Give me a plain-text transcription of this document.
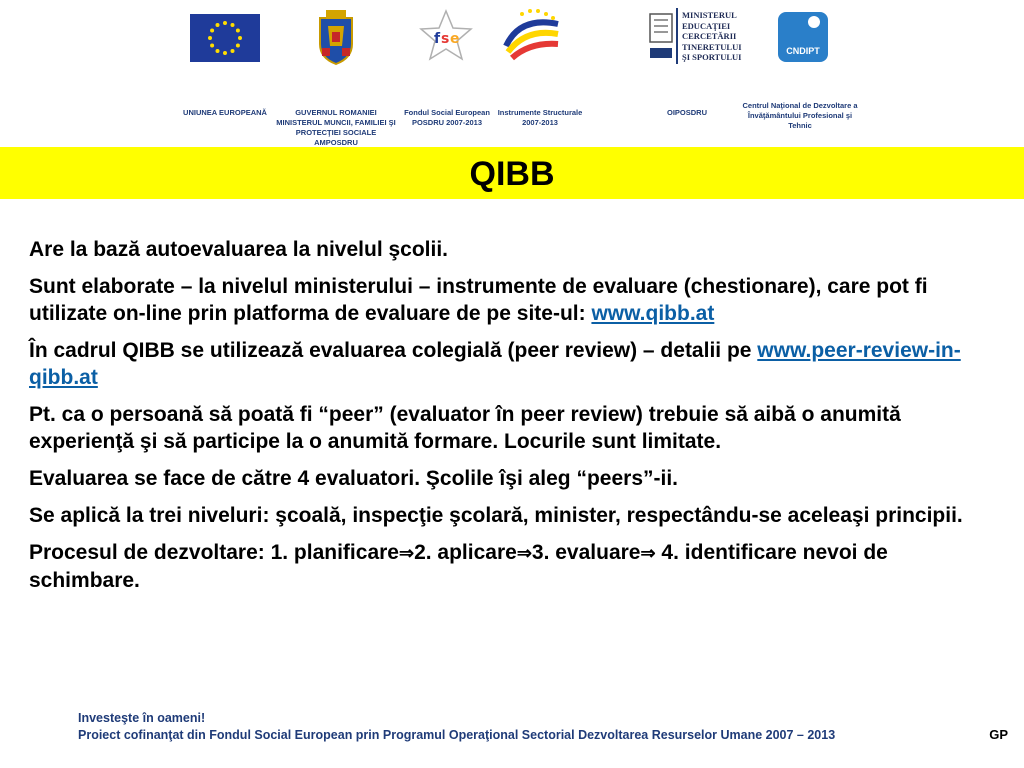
UNIUNEA EUROPEANĂ	GUVERNUL ROMANIEI
MINISTERUL MUNCII, FAMILIEI ŞI
PROTECŢIEI SOCIALE
AMPOSDRU
f s e
Fondul Social European
POSDRU 2007-2013
Instrumente Structurale
2007-2013
MINISTERUL
EDUCAŢIEI
CERCETĂRII
TINERETULUI
ŞI SPORTULUI
OIPOSDRU
CNDIPT
Centrul Naţional de Dezvoltare a
Învăţământului Profesional şi
Tehnic
QIBB

Are la bază autoevaluarea la nivelul şcolii.

Sunt elaborate – la nivelul ministerului – instrumente de evaluare (chestionare), care pot fi utilizate on-line prin platforma de evaluare de pe site-ul: www.qibb.at

În cadrul QIBB se utilizează evaluarea colegială (peer review) – detalii pe www.peer-review-in-qibb.at

Pt. ca o persoană să poată fi “peer” (evaluator în peer review) trebuie să aibă o anumită experienţă şi să participe la o anumită formare. Locurile sunt limitate.

Evaluarea se face de către 4 evaluatori. Şcolile îşi aleg “peers”-ii.

Se aplică la trei niveluri: şcoală, inspecţie şcolară, minister, respectându-se aceleaşi principii.

Procesul de dezvoltare: 1. planificare⇒2. aplicare⇒3. evaluare⇒ 4. identificare nevoi de schimbare.

Investeşte în oameni!
Proiect cofinanţat din Fondul Social European prin Programul Operaţional Sectorial Dezvoltarea Resurselor Umane 2007 – 2013	GP
